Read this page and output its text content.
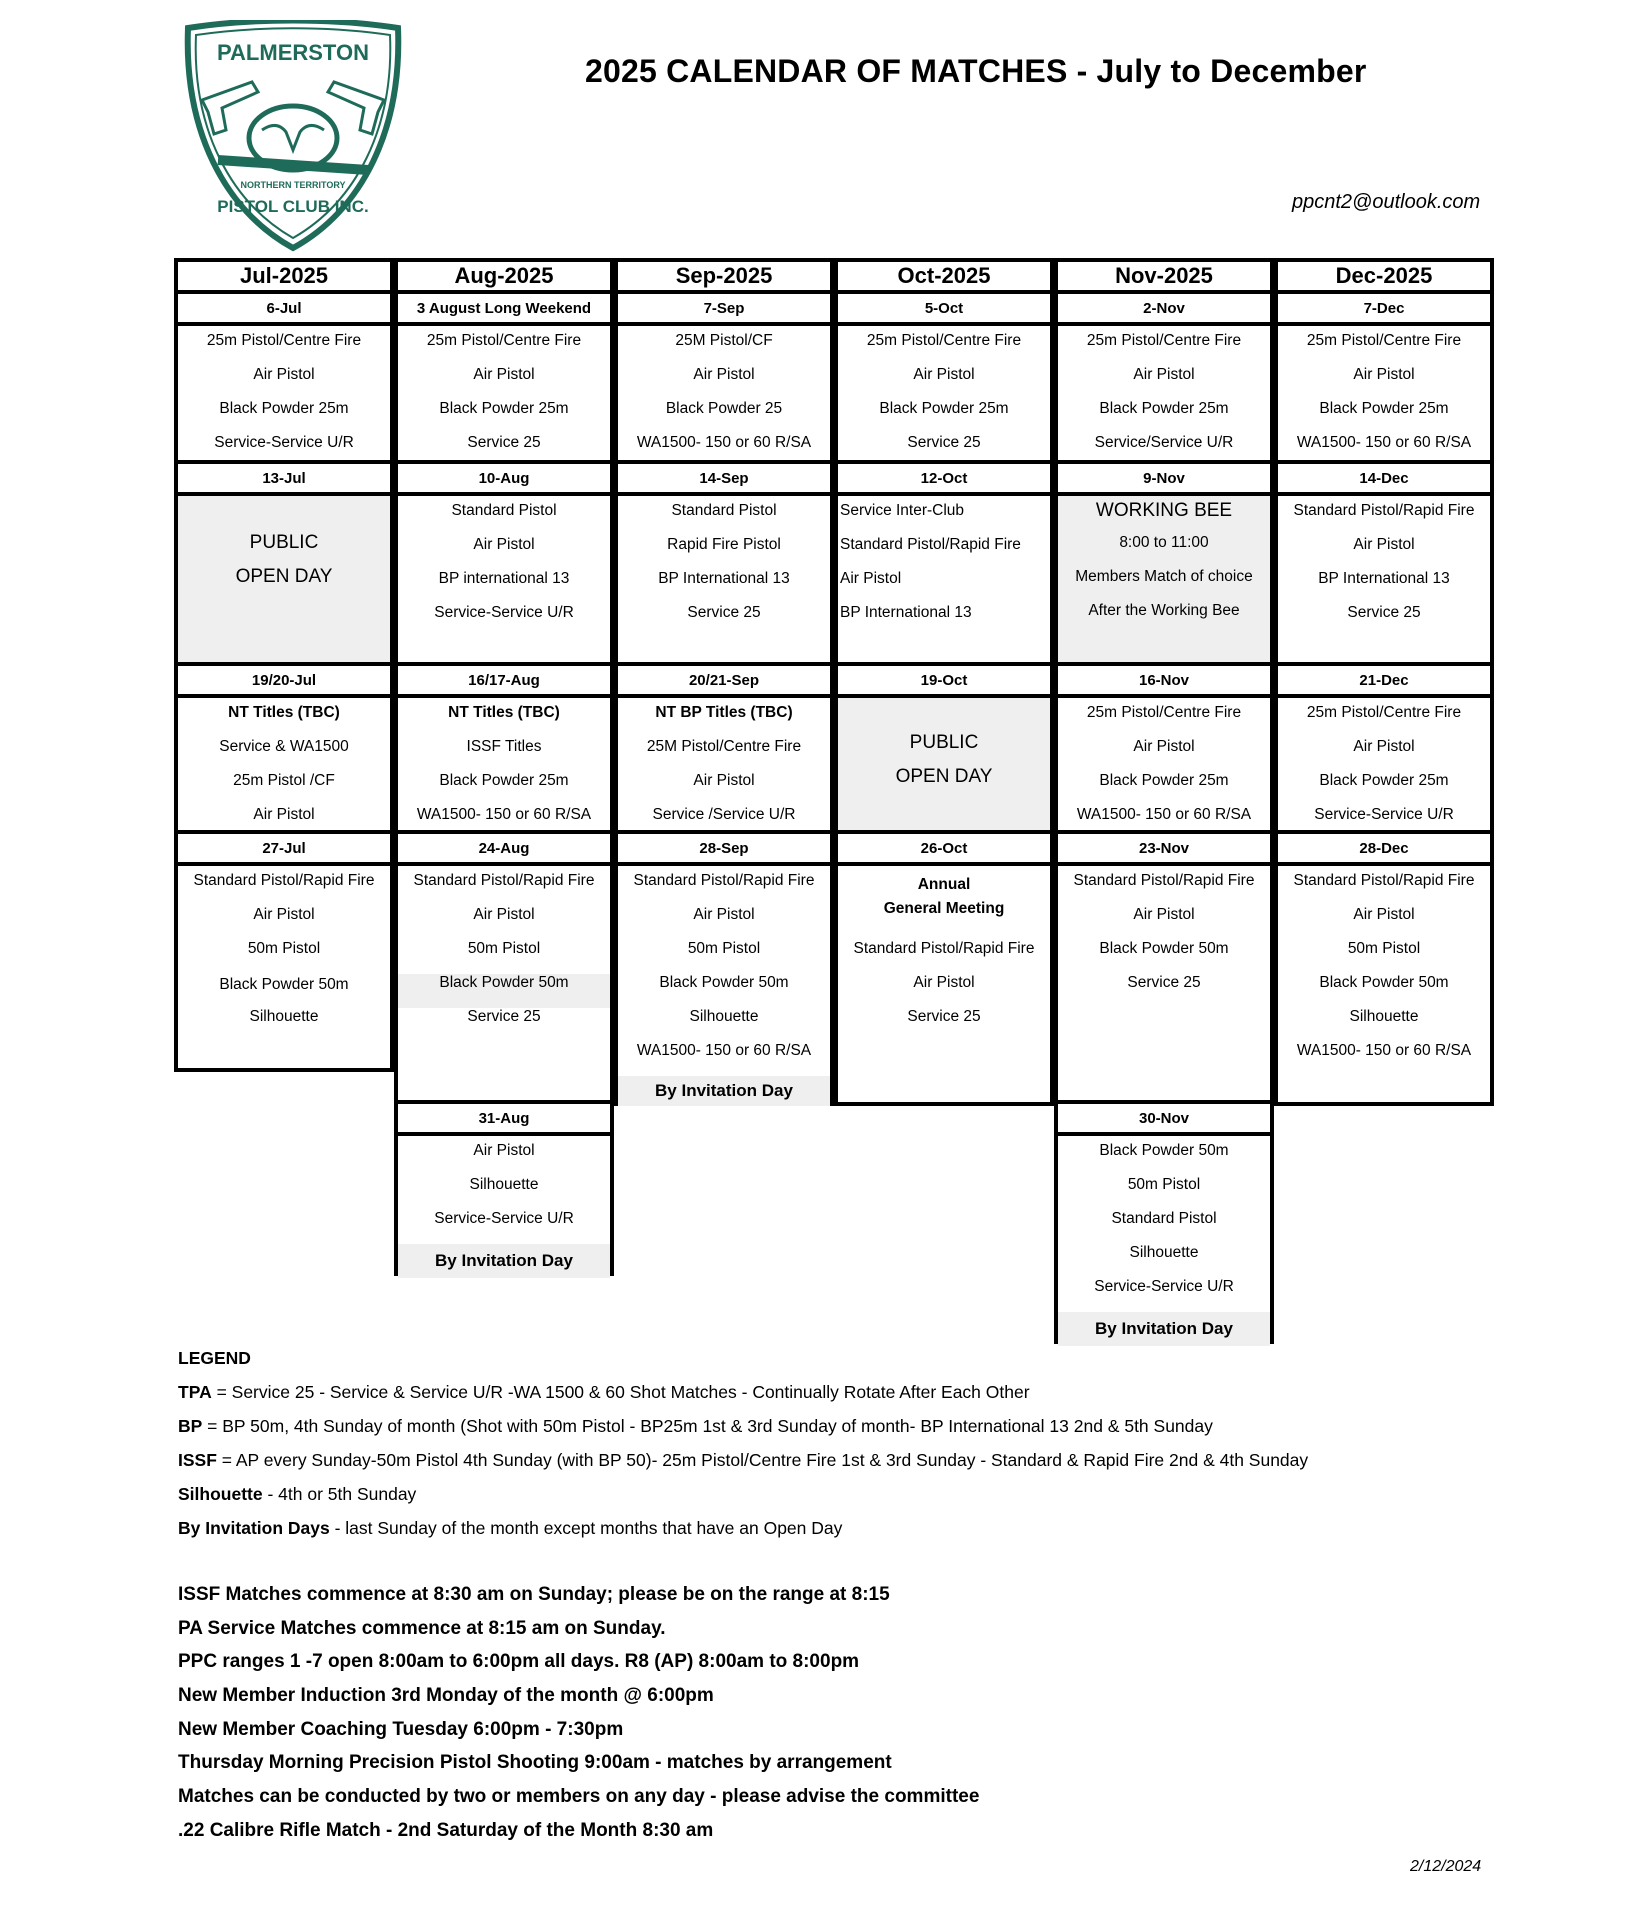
PALMERSTON
NORTHERN TERRITORY
PISTOL CLUB INC.
2025 CALENDAR OF MATCHES - July to December
ppcnt2@outlook.com
Jul-2025
6-Jul
25m Pistol/Centre Fire
Air Pistol
Black Powder 25m
Service-Service U/R
13-Jul
PUBLIC
OPEN DAY
19/20-Jul
NT Titles (TBC)
Service & WA1500
25m Pistol /CF
Air Pistol
27-Jul
Standard Pistol/Rapid Fire
Air Pistol
50m Pistol
Black Powder 50m
Silhouette
Aug-2025
3 August Long Weekend
25m Pistol/Centre Fire
Air Pistol
Black Powder 25m
Service 25
10-Aug
Standard Pistol
Air Pistol
BP international 13
Service-Service U/R
16/17-Aug
NT Titles (TBC)
ISSF Titles
Black Powder 25m
WA1500- 150 or 60 R/SA
24-Aug
Standard Pistol/Rapid Fire
Air Pistol
50m Pistol
Black Powder 50m
Service 25
31-Aug
Air Pistol
Silhouette
Service-Service U/R
By Invitation Day
Sep-2025
7-Sep
25M Pistol/CF
Air Pistol
Black Powder 25
WA1500- 150 or 60 R/SA
14-Sep
Standard Pistol
Rapid Fire Pistol
BP International 13
Service 25
20/21-Sep
NT BP Titles (TBC)
25M Pistol/Centre Fire
Air Pistol
Service /Service U/R
28-Sep
Standard Pistol/Rapid Fire
Air Pistol
50m Pistol
Black Powder 50m
Silhouette
WA1500- 150 or 60 R/SA
By Invitation Day
Oct-2025
5-Oct
25m Pistol/Centre Fire
Air Pistol
Black Powder 25m
Service 25
12-Oct
Service Inter-Club
Standard Pistol/Rapid Fire
Air Pistol
BP International 13
19-Oct
PUBLIC
OPEN DAY
26-Oct
Annual
General Meeting
Standard Pistol/Rapid Fire
Air Pistol
Service 25
Nov-2025
2-Nov
25m Pistol/Centre Fire
Air Pistol
Black Powder 25m
Service/Service U/R
9-Nov
WORKING BEE
8:00 to 11:00
Members Match of choice
After the Working Bee
16-Nov
25m Pistol/Centre Fire
Air Pistol
Black Powder 25m
WA1500- 150 or 60 R/SA
23-Nov
Standard Pistol/Rapid Fire
Air Pistol
Black Powder 50m
Service 25
30-Nov
Black Powder 50m
50m Pistol
Standard Pistol
Silhouette
Service-Service U/R
By Invitation Day
Dec-2025
7-Dec
25m Pistol/Centre Fire
Air Pistol
Black Powder 25m
WA1500- 150 or 60 R/SA
14-Dec
Standard Pistol/Rapid Fire
Air Pistol
BP International 13
Service 25
21-Dec
25m Pistol/Centre Fire
Air Pistol
Black Powder 25m
Service-Service U/R
28-Dec
Standard Pistol/Rapid Fire
Air Pistol
50m Pistol
Black Powder 50m
Silhouette
WA1500- 150 or 60 R/SA
LEGEND
TPA = Service 25 - Service & Service U/R -WA 1500 & 60 Shot Matches - Continually Rotate After Each Other
BP = BP 50m, 4th Sunday of month (Shot with 50m Pistol - BP25m 1st & 3rd Sunday of month- BP International 13 2nd & 5th Sunday
ISSF = AP every Sunday-50m Pistol 4th Sunday (with BP 50)- 25m Pistol/Centre Fire 1st & 3rd Sunday - Standard & Rapid Fire 2nd & 4th Sunday
Silhouette - 4th or 5th Sunday
By Invitation Days - last Sunday of the month except months that have an Open Day
ISSF Matches commence at 8:30 am on Sunday; please be on the range at 8:15
PA Service Matches commence at 8:15 am on Sunday.
PPC ranges 1 -7 open 8:00am to 6:00pm all days. R8 (AP) 8:00am to 8:00pm
New Member Induction 3rd Monday of the month @ 6:00pm
New Member Coaching Tuesday 6:00pm - 7:30pm
Thursday Morning Precision Pistol Shooting 9:00am - matches by arrangement
Matches can be conducted by two or members on any day - please advise the committee
.22 Calibre Rifle Match - 2nd Saturday of the Month 8:30 am
2/12/2024
